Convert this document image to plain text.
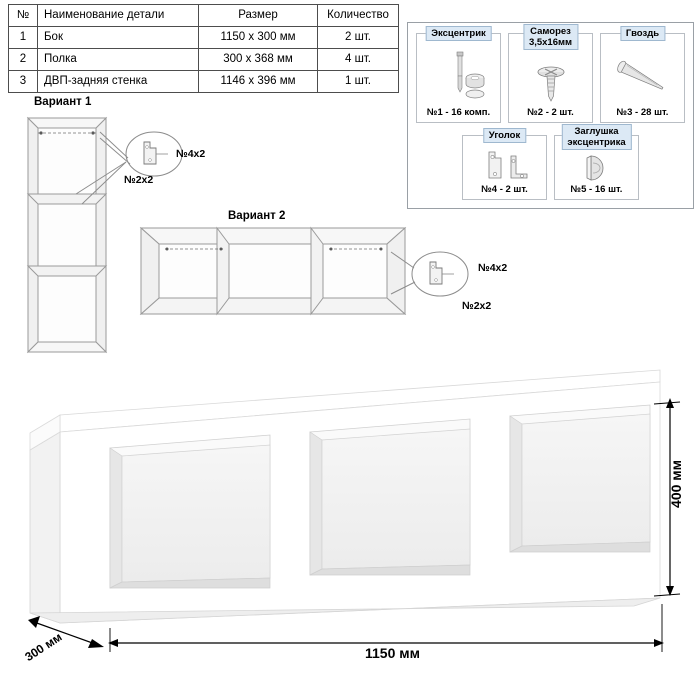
№	Наименование детали	Размер	Количество
1	Бок	1150 x 300 мм	2 шт.
2	Полка	300 x 368 мм	4 шт.
3	ДВП-задняя стенка	1146 x 396 мм	1 шт.
Эксцентрик
№1 - 16 комп.
Саморез
3,5x16мм
№2 - 2 шт.
Гвоздь
№3 - 28 шт.
Уголок
№4 - 2 шт.
Заглушка
эксцентрика
№5 - 16 шт.
Вариант 1
№4x2
№2x2
Вариант 2
№4x2
№2x2
400 мм
1150 мм
300 мм
